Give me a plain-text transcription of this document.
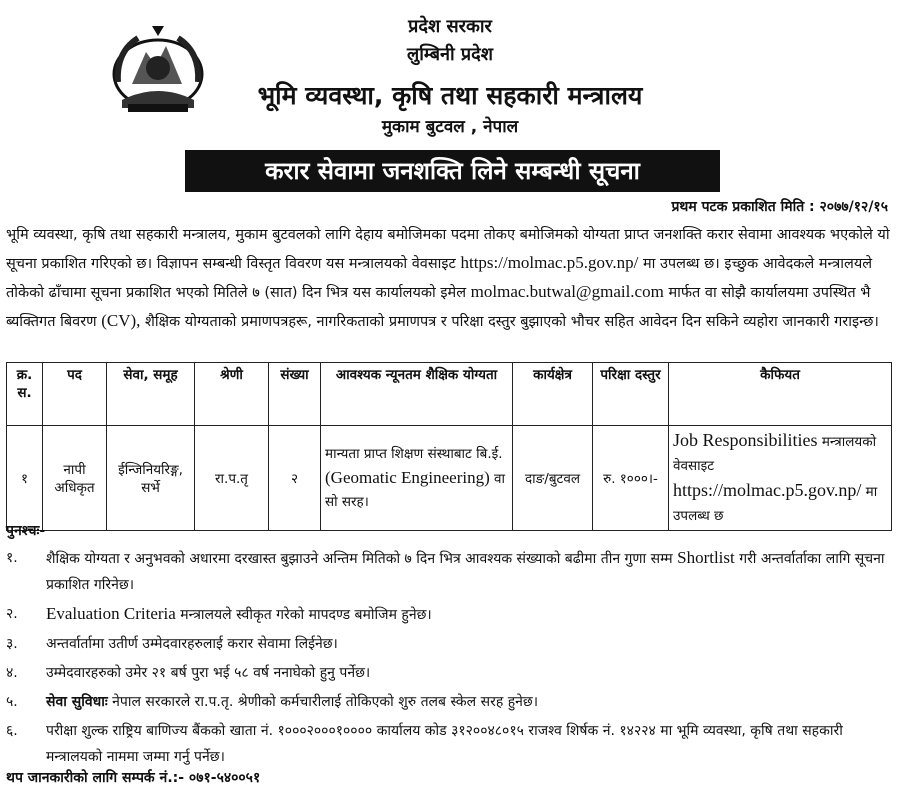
प्रदेश सरकार
लुम्बिनी प्रदेश
भूमि व्यवस्था, कृषि तथा सहकारी मन्त्रालय
मुकाम बुटवल , नेपाल
करार सेवामा जनशक्ति लिने सम्बन्धी सूचना
प्रथम पटक प्रकाशित मिति : २०७७/१२/१५
भूमि व्यवस्था, कृषि तथा सहकारी मन्त्रालय, मुकाम बुटवलको लागि देहाय बमोजिमका पदमा तोकए बमोजिमको योग्यता प्राप्त जनशक्ति करार सेवामा आवश्यक भएकोले यो सूचना प्रकाशित गरिएको छ। विज्ञापन सम्बन्धी विस्तृत विवरण यस मन्त्रालयको वेवसाइट https://molmac.p5.gov.np/ मा उपलब्ध छ। इच्छुक आवेदकले मन्त्रालयले तोकेको ढाँचामा सूचना प्रकाशित भएको मितिले ७ (सात) दिन भित्र यस कार्यालयको इमेल molmac.butwal@gmail.com मार्फत वा सोझै कार्यालयमा उपस्थित भै ब्यक्तिगत बिवरण (CV), शैक्षिक योग्यताको प्रमाणपत्रहरू, नागरिकताको प्रमाणपत्र र परिक्षा दस्तुर बुझाएको भौचर सहित आवेदन दिन सकिने व्यहोरा जानकारी गराइन्छ।
क्र. स.	पद	सेवा, समूह	श्रेणी	संख्या	आवश्यक न्यूनतम शैक्षिक योग्यता	कार्यक्षेत्र	परिक्षा दस्तुर	कैफियत
१	नापी अधिकृत	ईन्जिनियरिङ्ग, सर्भे	रा.प.तृ	२	मान्यता प्राप्त शिक्षण संस्थाबाट बि.ई. (Geomatic Engineering) वा सो सरह।	दाङ/बुटवल	रु. १०००।-	Job Responsibilities मन्त्रालयको वेवसाइट https://molmac.p5.gov.np/ मा उपलब्ध छ
पुनश्चः-
१.	शैक्षिक योग्यता र अनुभवको अधारमा दरखास्त बुझाउने अन्तिम मितिको ७ दिन भित्र आवश्यक संख्याको बढीमा तीन गुणा सम्म Shortlist गरी अन्तर्वार्ताका लागि सूचना प्रकाशित गरिनेछ।
२.	Evaluation Criteria मन्त्रालयले स्वीकृत गरेको मापदण्ड बमोजिम हुनेछ।
३.	अन्तर्वार्तामा उतीर्ण उम्मेदवारहरुलाई करार सेवामा लिईनेछ।
४.	उम्मेदवारहरुको उमेर २१ बर्ष पुरा भई ५८ वर्ष ननाघेको हुनु पर्नेछ।
५.	सेवा सुविधाः नेपाल सरकारले रा.प.तृ. श्रेणीको कर्मचारीलाई तोकिएको शुरु तलब स्केल सरह हुनेछ।
६.	परीक्षा शुल्क राष्ट्रिय बाणिज्य बैंकको खाता नं. १०००२०००१०००० कार्यालय कोड ३१२००४८०१५ राजश्व शिर्षक नं. १४२२४ मा भूमि व्यवस्था, कृषि तथा सहकारी मन्त्रालयको नाममा जम्मा गर्नु पर्नेछ।
थप जानकारीको लागि सम्पर्क नं.:- ०७१-५४००५१
